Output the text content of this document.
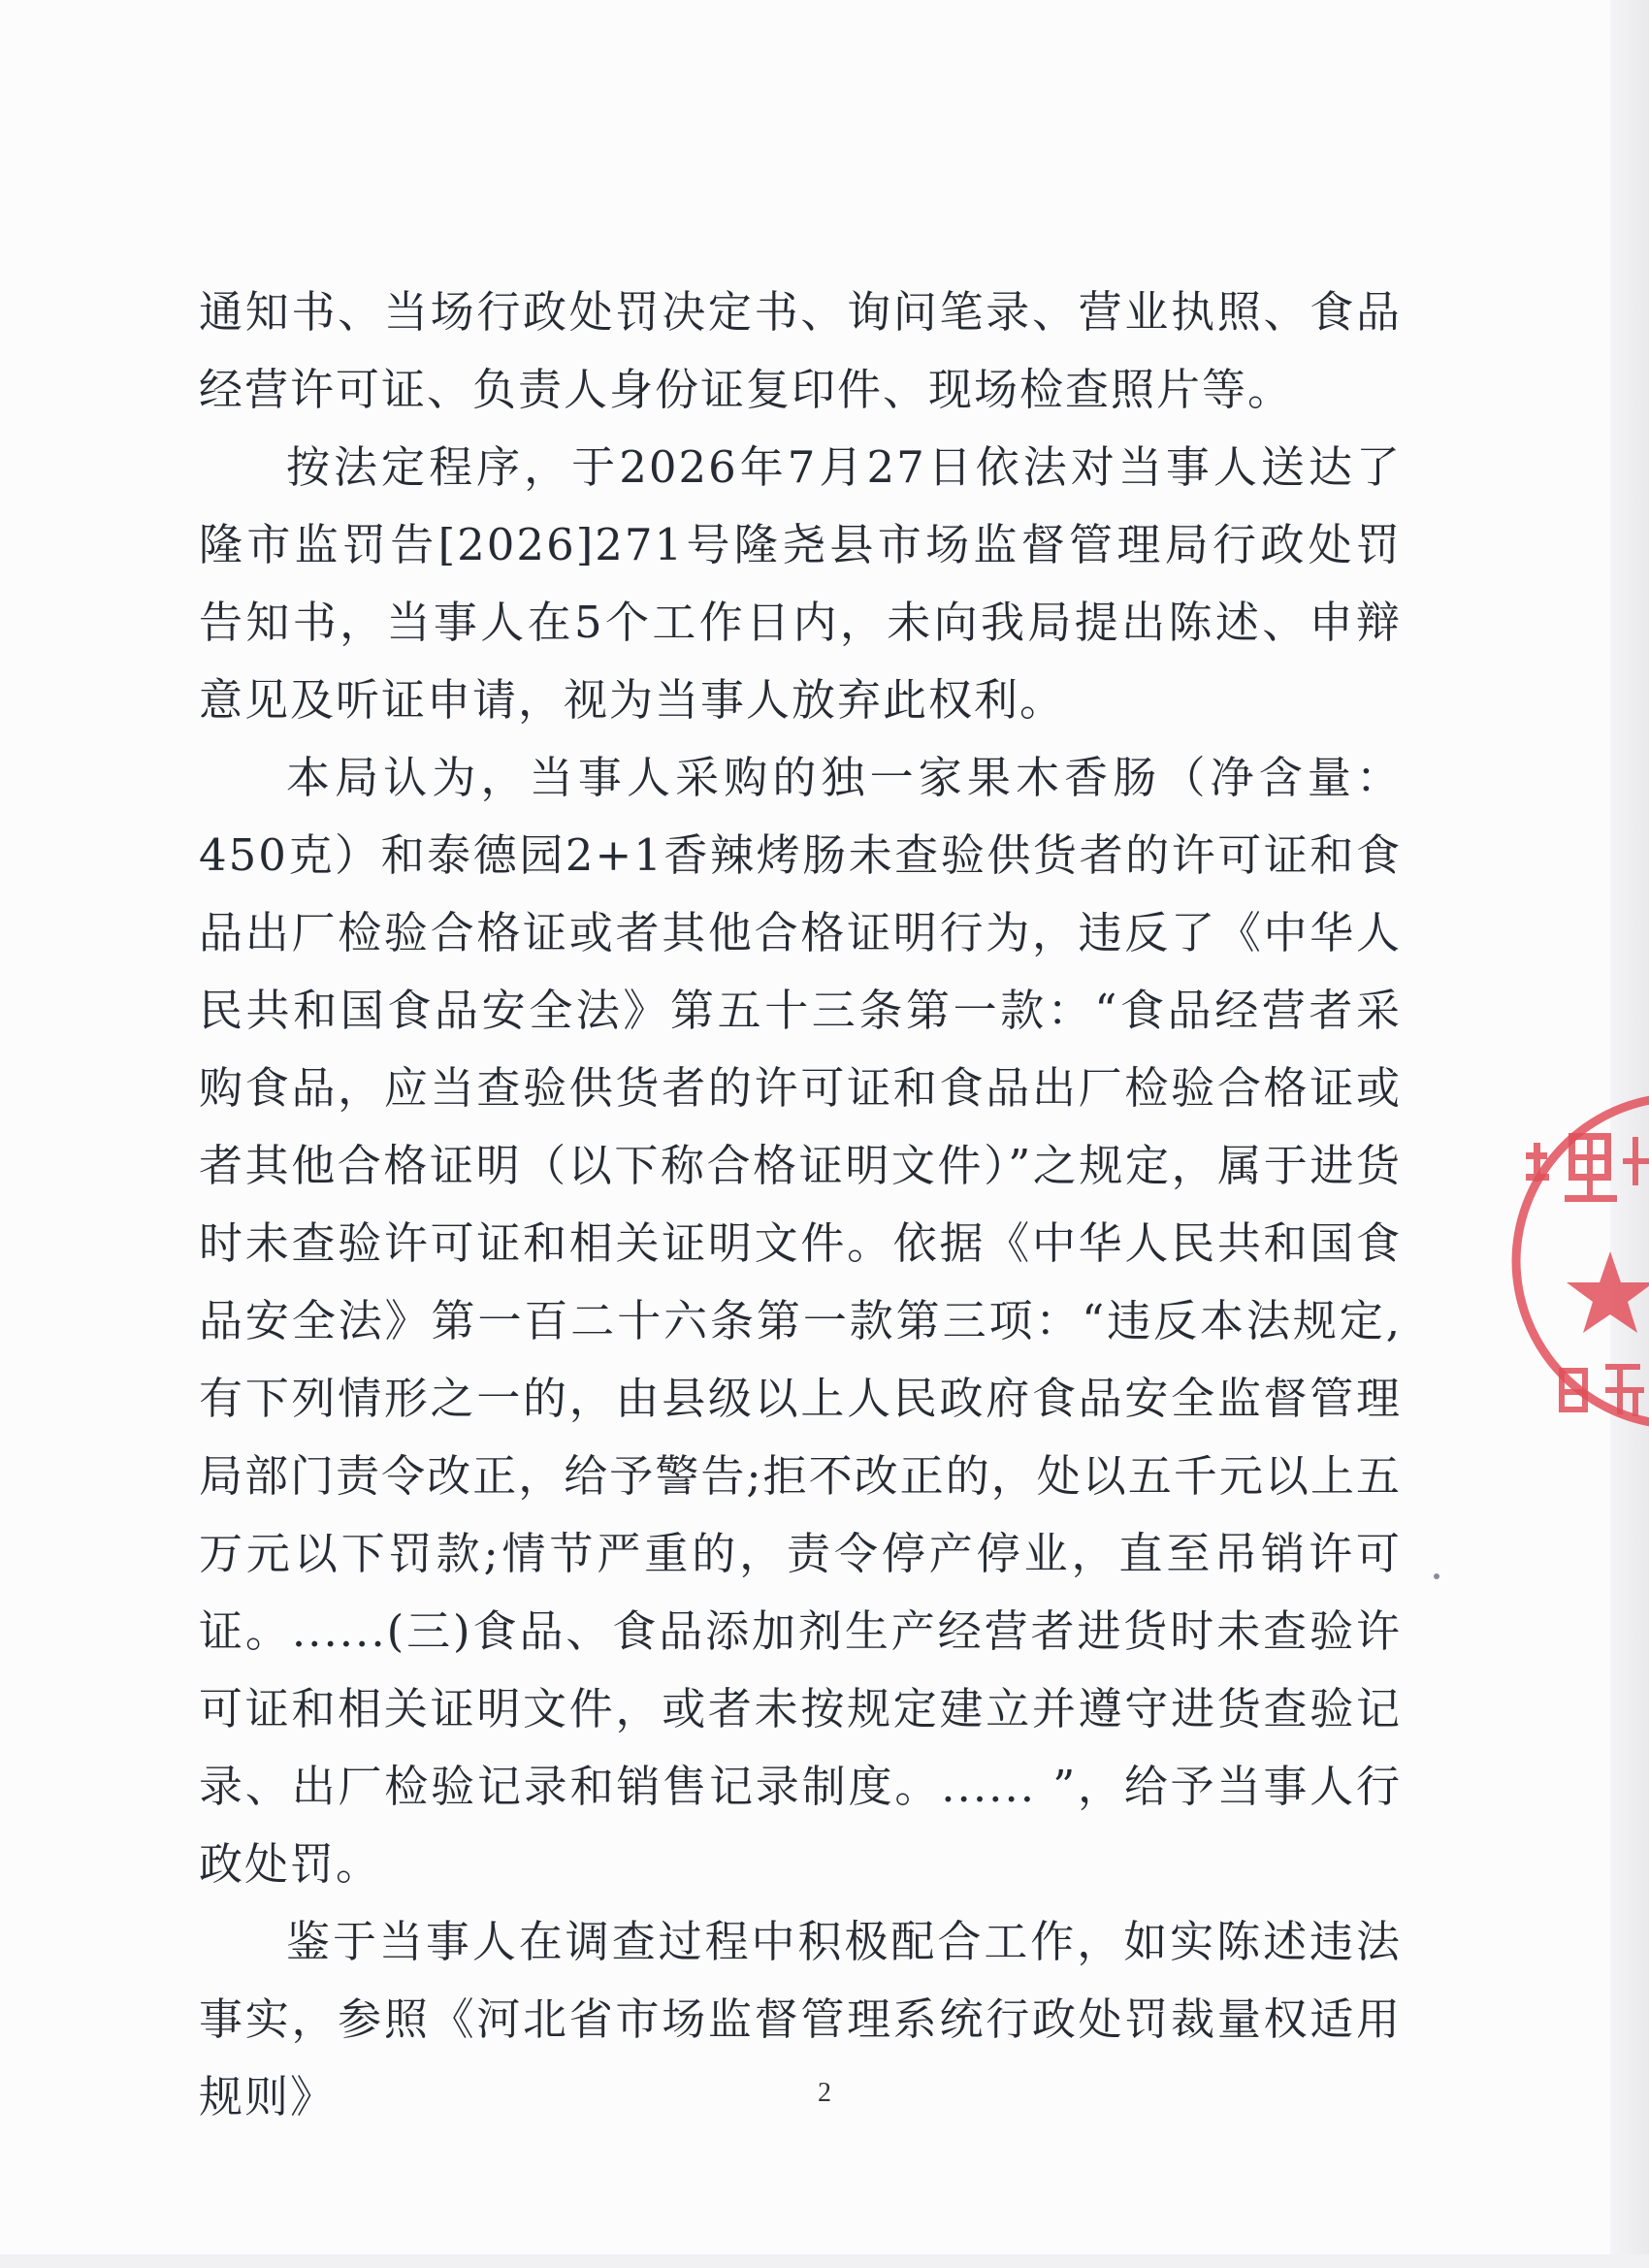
通知书、当场行政处罚决定书、询问笔录、营业执照、食品经营许可证、负责人身份证复印件、现场检查照片等。

按法定程序，于2026年7月27日依法对当事人送达了隆市监罚告[2026]271号隆尧县市场监督管理局行政处罚告知书，当事人在5个工作日内，未向我局提出陈述、申辩意见及听证申请，视为当事人放弃此权利。

本局认为，当事人采购的独一家果木香肠（净含量：450克）和泰德园2+1香辣烤肠未查验供货者的许可证和食品出厂检验合格证或者其他合格证明行为，违反了《中华人民共和国食品安全法》第五十三条第一款：“食品经营者采购食品，应当查验供货者的许可证和食品出厂检验合格证或者其他合格证明（以下称合格证明文件）”之规定，属于进货时未查验许可证和相关证明文件。依据《中华人民共和国食品安全法》第一百二十六条第一款第三项：“违反本法规定,有下列情形之一的，由县级以上人民政府食品安全监督管理局部门责令改正，给予警告;拒不改正的，处以五千元以上五万元以下罚款;情节严重的，责令停产停业，直至吊销许可证。......(三)食品、食品添加剂生产经营者进货时未查验许可证和相关证明文件，或者未按规定建立并遵守进货查验记录、出厂检验记录和销售记录制度。...... ”，给予当事人行政处罚。

鉴于当事人在调查过程中积极配合工作，如实陈述违法事实，参照《河北省市场监督管理系统行政处罚裁量权适用规则》	2
